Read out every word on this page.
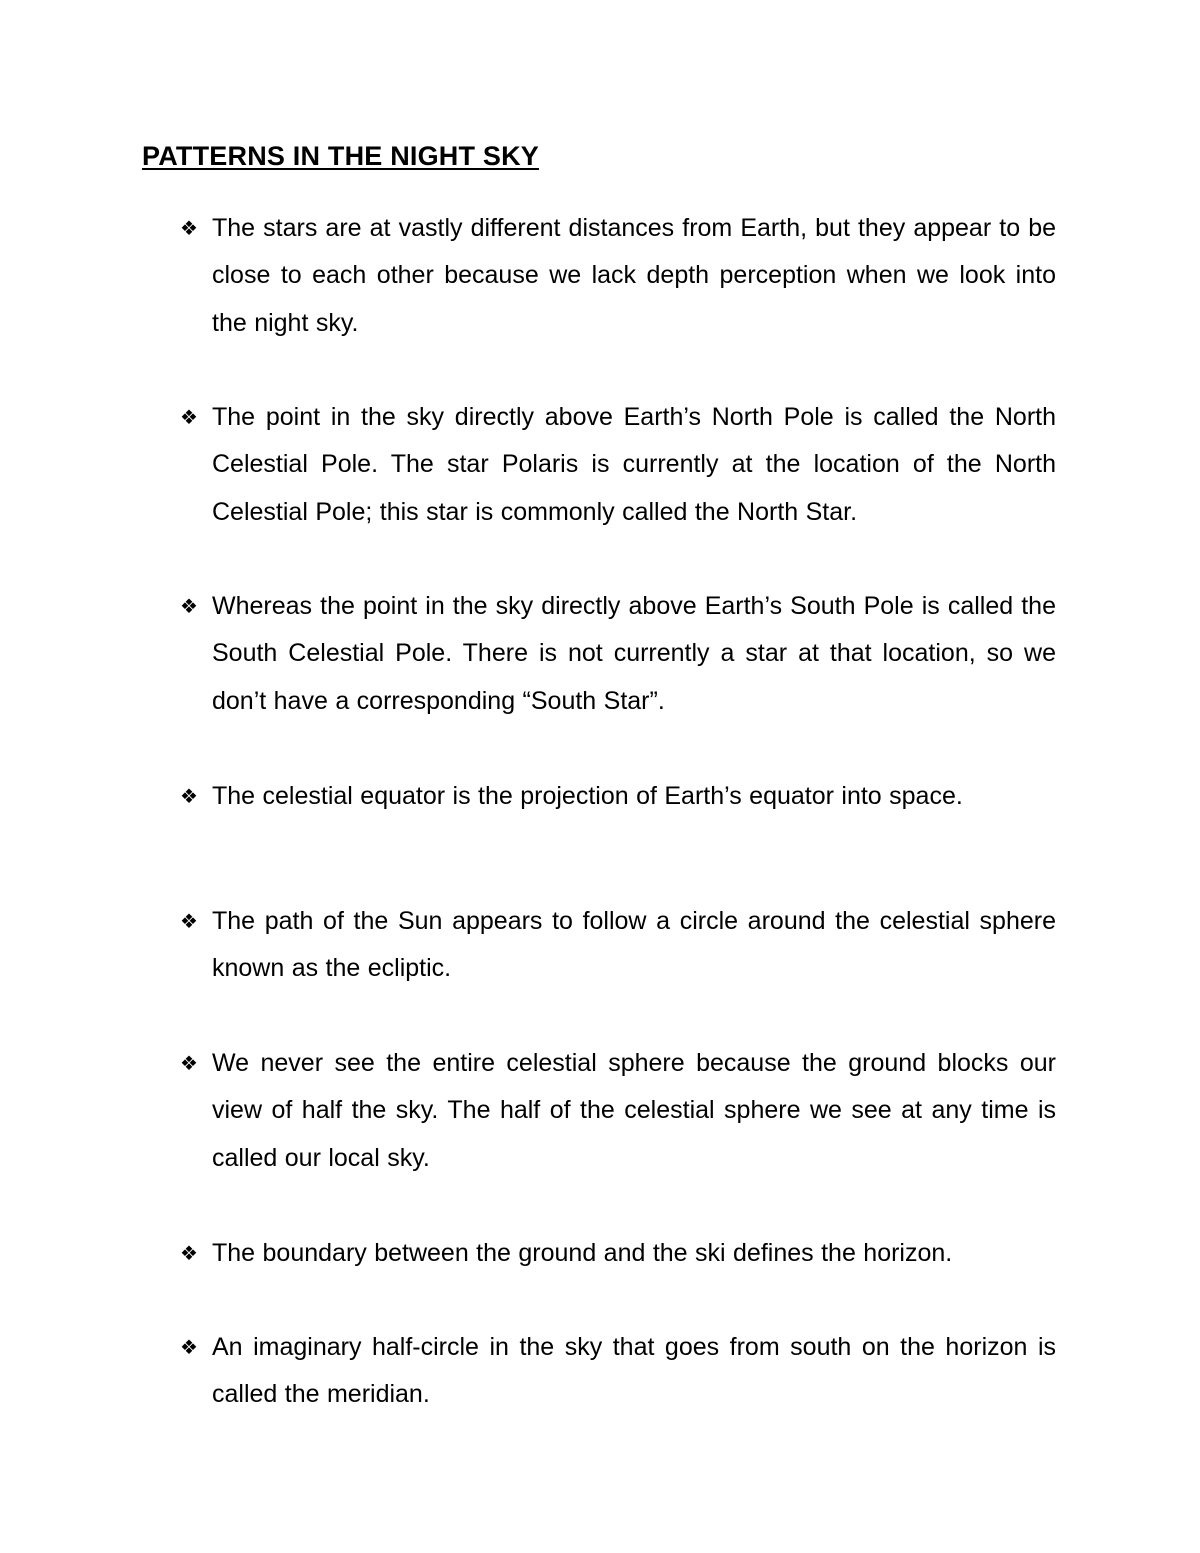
PATTERNS IN THE NIGHT SKY
❖ The stars are at vastly different distances from Earth, but they appear to be close to each other because we lack depth perception when we look into the night sky.
❖ The point in the sky directly above Earth’s North Pole is called the North Celestial Pole. The star Polaris is currently at the location of the North Celestial Pole; this star is commonly called the North Star.
❖ Whereas the point in the sky directly above Earth’s South Pole is called the South Celestial Pole. There is not currently a star at that location, so we don’t have a corresponding “South Star”.
❖ The celestial equator is the projection of Earth’s equator into space.
❖ The path of the Sun appears to follow a circle around the celestial sphere known as the ecliptic.
❖ We never see the entire celestial sphere because the ground blocks our view of half the sky. The half of the celestial sphere we see at any time is called our local sky.
❖ The boundary between the ground and the ski defines the horizon.
❖ An imaginary half-circle in the sky that goes from south on the horizon is called the meridian.
